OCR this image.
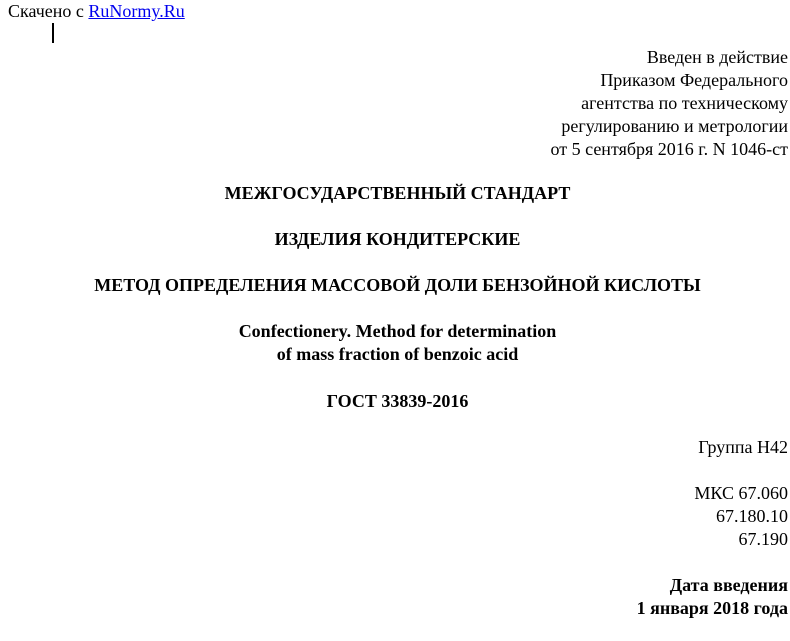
Скачено с RuNormy.Ru
Введен в действие
Приказом Федерального
агентства по техническому
регулированию и метрологии
от 5 сентября 2016 г. N 1046-ст
МЕЖГОСУДАРСТВЕННЫЙ СТАНДАРТ
ИЗДЕЛИЯ КОНДИТЕРСКИЕ
МЕТОД ОПРЕДЕЛЕНИЯ МАССОВОЙ ДОЛИ БЕНЗОЙНОЙ КИСЛОТЫ
Confectionery. Method for determination
of mass fraction of benzoic acid
ГОСТ 33839-2016
Группа Н42
МКС 67.060
67.180.10
67.190
Дата введения
1 января 2018 года
